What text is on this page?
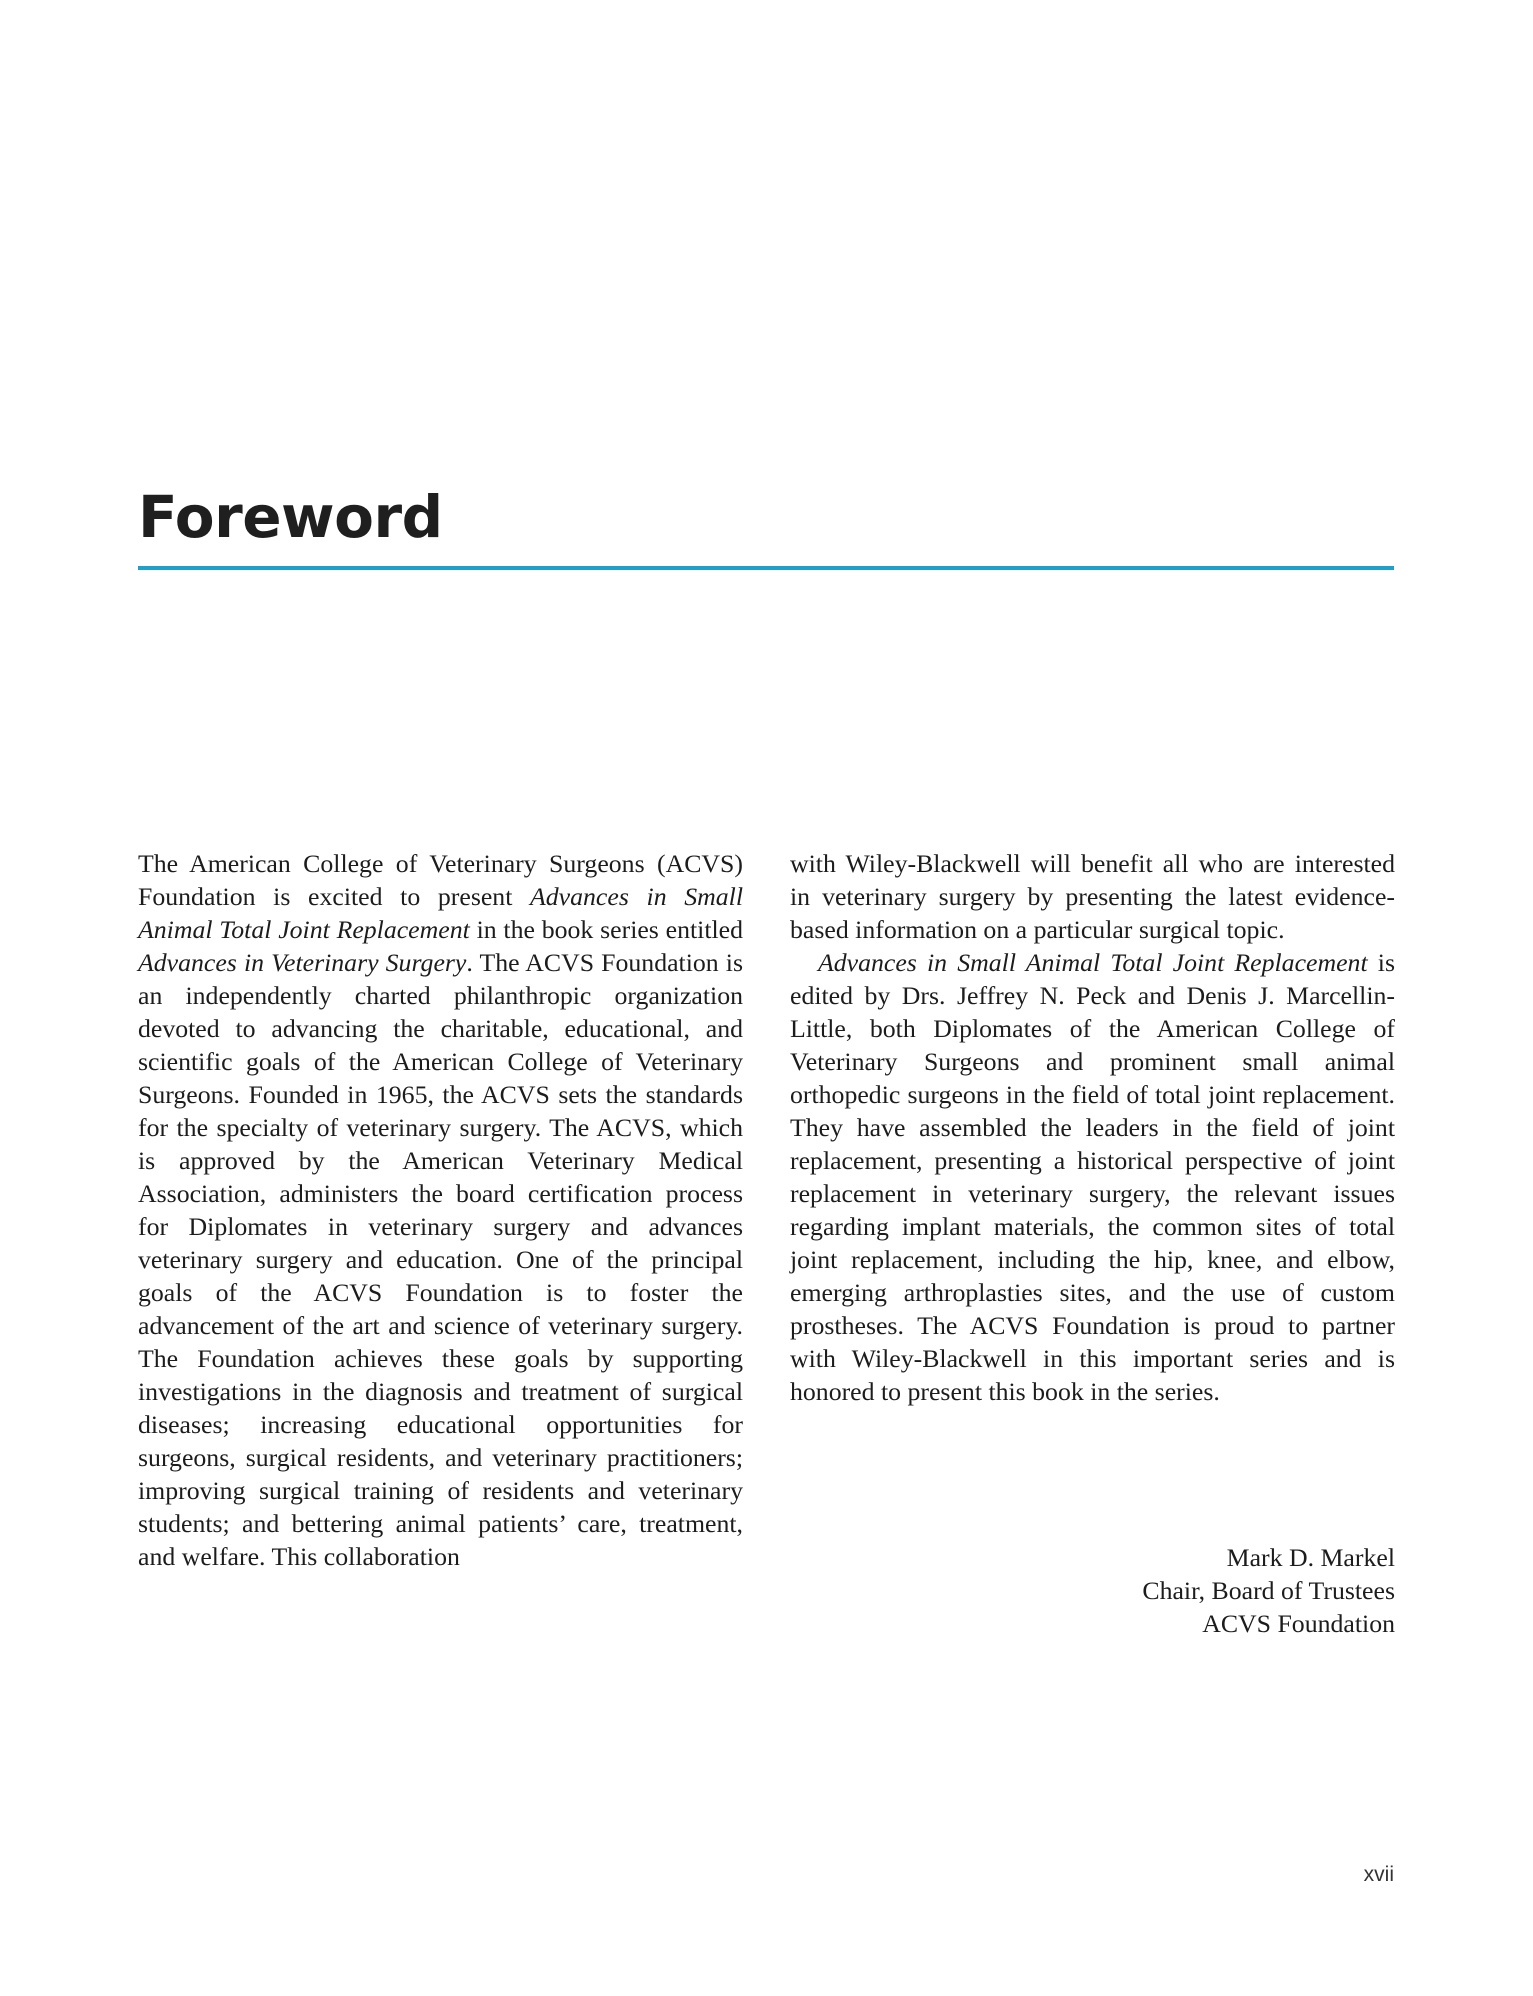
Foreword

The American College of Veterinary Surgeons (ACVS) Foundation is excited to present Advances in Small Animal Total Joint Replacement in the book series entitled Advances in Veterinary Surgery. The ACVS Foundation is an independently charted philanthropic organization devoted to advancing the charitable, educational, and scientific goals of the American College of Veterinary Surgeons. Founded in 1965, the ACVS sets the standards for the specialty of veterinary surgery. The ACVS, which is approved by the American Veterinary Medical Association, administers the board certification process for Diplomates in veterinary surgery and advances veterinary surgery and education. One of the principal goals of the ACVS Foundation is to foster the advancement of the art and science of veterinary surgery. The Foundation achieves these goals by supporting investigations in the diagnosis and treatment of surgical diseases; increasing educational opportunities for surgeons, surgical residents, and veterinary practitioners; improving surgical training of residents and veterinary students; and bettering animal patients’ care, treatment, and welfare. This collaboration

with Wiley-Blackwell will benefit all who are interested in veterinary surgery by presenting the latest evidence-based information on a particular surgical topic.

Advances in Small Animal Total Joint Replacement is edited by Drs. Jeffrey N. Peck and Denis J. Marcellin-Little, both Diplomates of the American College of Veterinary Surgeons and prominent small animal orthopedic surgeons in the field of total joint replacement. They have assembled the leaders in the field of joint replacement, presenting a historical perspective of joint replacement in veterinary surgery, the relevant issues regarding implant materials, the common sites of total joint replacement, including the hip, knee, and elbow, emerging arthroplasties sites, and the use of custom prostheses. The ACVS Foundation is proud to partner with Wiley-Blackwell in this important series and is honored to present this book in the series.

Mark D. Markel
Chair, Board of Trustees
ACVS Foundation
xvii
